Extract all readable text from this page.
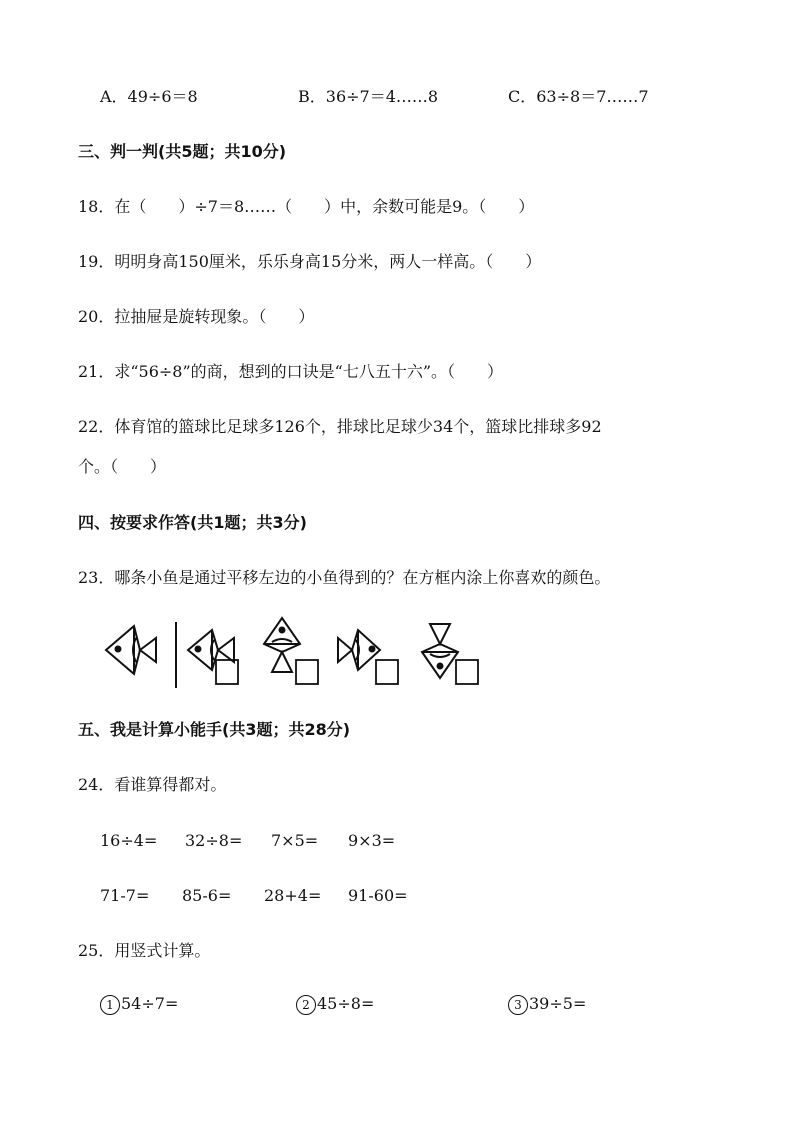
A．49÷6＝8	B．36÷7＝4……8	C．63÷8＝7……7
三、判一判(共5题；共10分)
18．在（　　）÷7＝8……（　　）中，余数可能是9。（　　）
19．明明身高150厘米，乐乐身高15分米，两人一样高。（　　）
20．拉抽屉是旋转现象。（　　）
21．求“56÷8”的商，想到的口诀是“七八五十六”。（　　）
22．体育馆的篮球比足球多126个，排球比足球少34个，篮球比排球多92
个。（　　）
四、按要求作答(共1题；共3分)
23．哪条小鱼是通过平移左边的小鱼得到的？在方框内涂上你喜欢的颜色。
五、我是计算小能手(共3题；共28分)
24．看谁算得都对。
16÷4= 32÷8= 7×5= 9×3=
71-7= 85-6= 28+4= 91-60=
25．用竖式计算。
1 54÷7=	2 45÷8=	3 39÷5=
